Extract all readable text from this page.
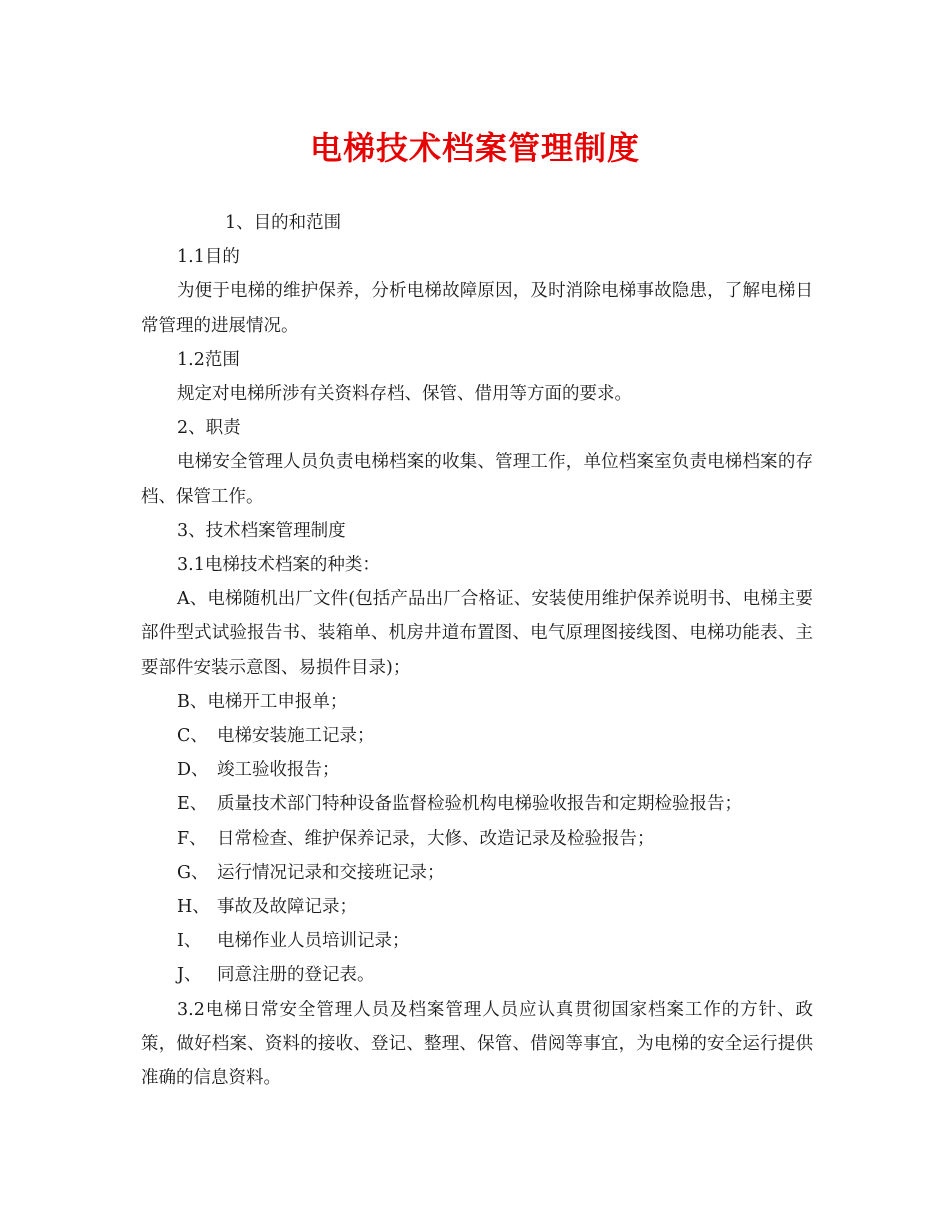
电梯技术档案管理制度

1、目的和范围

1.1目的

为便于电梯的维护保养，分析电梯故障原因，及时消除电梯事故隐患，了解电梯日常管理的进展情况。

1.2范围

规定对电梯所涉有关资料存档、保管、借用等方面的要求。

2、职责

电梯安全管理人员负责电梯档案的收集、管理工作，单位档案室负责电梯档案的存档、保管工作。

3、技术档案管理制度

3.1电梯技术档案的种类：

A、电梯随机出厂文件(包括产品出厂合格证、安装使用维护保养说明书、电梯主要部件型式试验报告书、装箱单、机房井道布置图、电气原理图接线图、电梯功能表、主要部件安装示意图、易损件目录)；

B、电梯开工申报单；

C、 电梯安装施工记录；

D、 竣工验收报告；

E、 质量技术部门特种设备监督检验机构电梯验收报告和定期检验报告；

F、 日常检查、维护保养记录，大修、改造记录及检验报告；

G、 运行情况记录和交接班记录；

H、 事故及故障记录；

I、 电梯作业人员培训记录；

J、 同意注册的登记表。

3.2电梯日常安全管理人员及档案管理人员应认真贯彻国家档案工作的方针、政策，做好档案、资料的接收、登记、整理、保管、借阅等事宜，为电梯的安全运行提供准确的信息资料。
